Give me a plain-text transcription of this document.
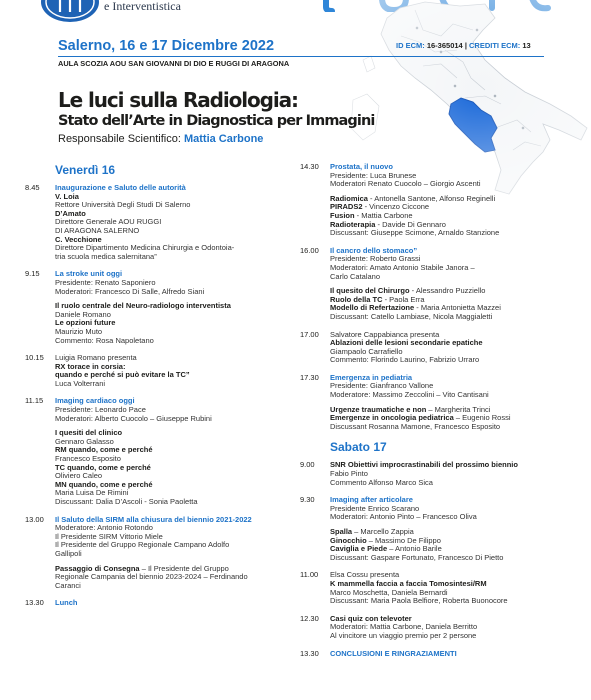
e Interventistica
Salerno, 16 e 17 Dicembre 2022	ID ECM: 16-365014 | CREDITI ECM: 13
AULA SCOZIA AOU SAN GIOVANNI DI DIO E RUGGI DI ARAGONA
Le luci sulla Radiologia:
Stato dell’Arte in Diagnostica per Immagini
Responsabile Scientifico: Mattia Carbone
Venerdì 16
8.45	Inaugurazione e Saluto delle autorità
V. Loia
Rettore Università Degli Studi Di Salerno
D’Amato
Direttore Generale AOU RUGGI
DI ARAGONA SALERNO
C. Vecchione
Direttore Dipartimento Medicina Chirurgia e Odontoia-
tria scuola medica salernitana”
9.15	La stroke unit oggi
Presidente: Renato Saponiero
Moderatori: Francesco Di Salle, Alfredo Siani
Il ruolo centrale del Neuro-radiologo interventista
Daniele Romano
Le opzioni future
Maurizio Muto
Commento: Rosa Napoletano
10.15	Luigia Romano presenta
RX torace in corsia:
quando e perché si può evitare la TC”
Luca Volterrani
11.15	Imaging cardiaco oggi
Presidente: Leonardo Pace
Moderatori: Alberto Cuocolo – Giuseppe Rubini
I quesiti del clinico
Gennaro Galasso
RM quando, come e perché
Francesco Esposito
TC quando, come e perché
Oliviero Caleo
MN quando, come e perché
Maria Luisa De Rimini
Discussant: Dalia D’Ascoli - Sonia Paoletta
13.00	Il Saluto della SIRM alla chiusura del biennio 2021-2022
Moderatore: Antonio Rotondo
Il Presidente SIRM Vittorio Miele
Il Presidente del Gruppo Regionale Campano Adolfo
Gallipoli
Passaggio di Consegna – Il Presidente del Gruppo
Regionale Campania del biennio 2023-2024 – Ferdinando
Caranci
13.30	Lunch
14.30	Prostata, il nuovo
Presidente: Luca Brunese
Moderatori Renato Cuocolo – Giorgio Ascenti
Radiomica - Antonella Santone, Alfonso Reginelli
PIRADS2 - Vincenzo Ciccone
Fusion - Mattia Carbone
Radioterapia - Davide Di Gennaro
Discussant: Giuseppe Scimone, Arnaldo Stanzione
16.00	Il cancro dello stomaco”
Presidente: Roberto Grassi
Moderatori: Amato Antonio Stabile Janora –
Carlo Catalano
Il quesito del Chirurgo - Alessandro Puzziello
Ruolo della TC - Paola Erra
Modello di Refertazione - Maria Antonietta Mazzei
Discussant: Catello Lambiase, Nicola Maggialetti
17.00	Salvatore Cappabianca presenta
Ablazioni delle lesioni secondarie epatiche
Giampaolo Carrafiello
Commento: Florindo Laurino, Fabrizio Urraro
17.30	Emergenza in pediatria
Presidente: Gianfranco Vallone
Moderatore: Massimo Zeccolini – Vito Cantisani
Urgenze traumatiche e non – Margherita Trinci
Emergenze in oncologia pediatrica – Eugenio Rossi
Discussant Rosanna Mamone, Francesco Esposito
Sabato 17
9.00	SNR Obiettivi improcrastinabili del prossimo biennio
Fabio Pinto
Commento Alfonso Marco Sica
9.30	Imaging after articolare
Presidente Enrico Scarano
Moderatori: Antonio Pinto – Francesco Oliva
Spalla – Marcello Zappia
Ginocchio – Massimo De Filippo
Caviglia e Piede – Antonio Barile
Discussant: Gaspare Fortunato, Francesco Di Pietto
11.00	Elsa Cossu presenta
K mammella faccia a faccia Tomosintesi/RM
Marco Moschetta, Daniela Bernardi
Discussant: Maria Paola Belfiore, Roberta Buonocore
12.30	Casi quiz con televoter
Moderatori: Mattia Carbone, Daniela Berritto
Al vincitore un viaggio premio per 2 persone
13.30	CONCLUSIONI E RINGRAZIAMENTI
